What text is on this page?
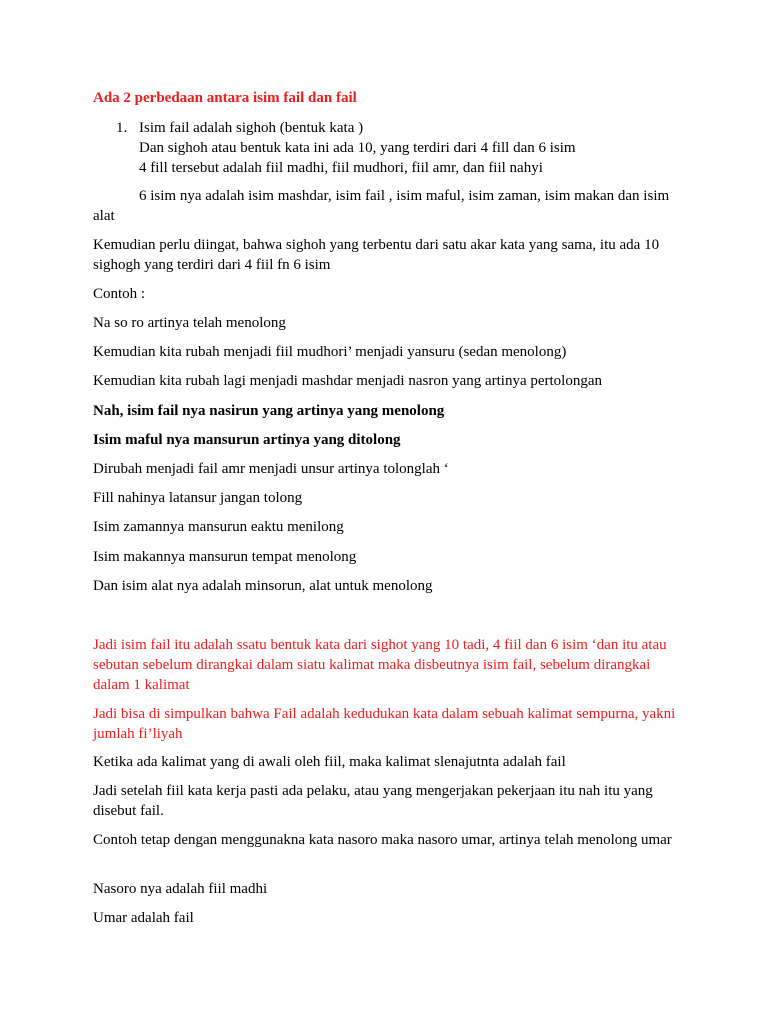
Ada 2 perbedaan antara isim fail dan fail

1. Isim fail adalah sighoh (bentuk kata )
Dan sighoh atau bentuk kata ini ada 10, yang terdiri dari 4 fill dan 6 isim
4 fill tersebut adalah fiil madhi, fiil mudhori, fiil amr, dan fiil nahyi

6 isim nya adalah isim mashdar, isim fail , isim maful, isim zaman, isim makan dan isim alat

Kemudian perlu diingat, bahwa sighoh yang terbentu dari satu akar kata yang sama, itu ada 10 sighogh yang terdiri dari 4 fiil fn 6 isim

Contoh :

Na so ro artinya telah menolong

Kemudian kita rubah menjadi fiil mudhori’ menjadi yansuru (sedan menolong)

Kemudian kita rubah lagi menjadi mashdar menjadi nasron yang artinya pertolongan

Nah, isim fail nya nasirun yang artinya yang menolong

Isim maful nya mansurun artinya yang ditolong

Dirubah menjadi fail amr menjadi unsur artinya tolonglah ‘

Fill nahinya latansur jangan tolong

Isim zamannya mansurun eaktu menilong

Isim makannya mansurun tempat menolong

Dan isim alat nya adalah minsorun, alat untuk menolong

Jadi isim fail itu adalah ssatu bentuk kata dari sighot yang 10 tadi, 4 fiil dan 6 isim ‘dan itu atau sebutan sebelum dirangkai dalam siatu kalimat maka disbeutnya isim fail, sebelum dirangkai dalam 1 kalimat

Jadi bisa di simpulkan bahwa Fail adalah kedudukan kata dalam sebuah kalimat sempurna, yakni jumlah fi’liyah

Ketika ada kalimat yang di awali oleh fiil, maka kalimat slenajutnta adalah fail

Jadi setelah fiil kata kerja pasti ada pelaku, atau yang mengerjakan pekerjaan itu nah itu yang disebut fail.

Contoh tetap dengan menggunakna kata nasoro maka nasoro umar, artinya telah menolong umar

Nasoro nya adalah fiil madhi

Umar adalah fail
